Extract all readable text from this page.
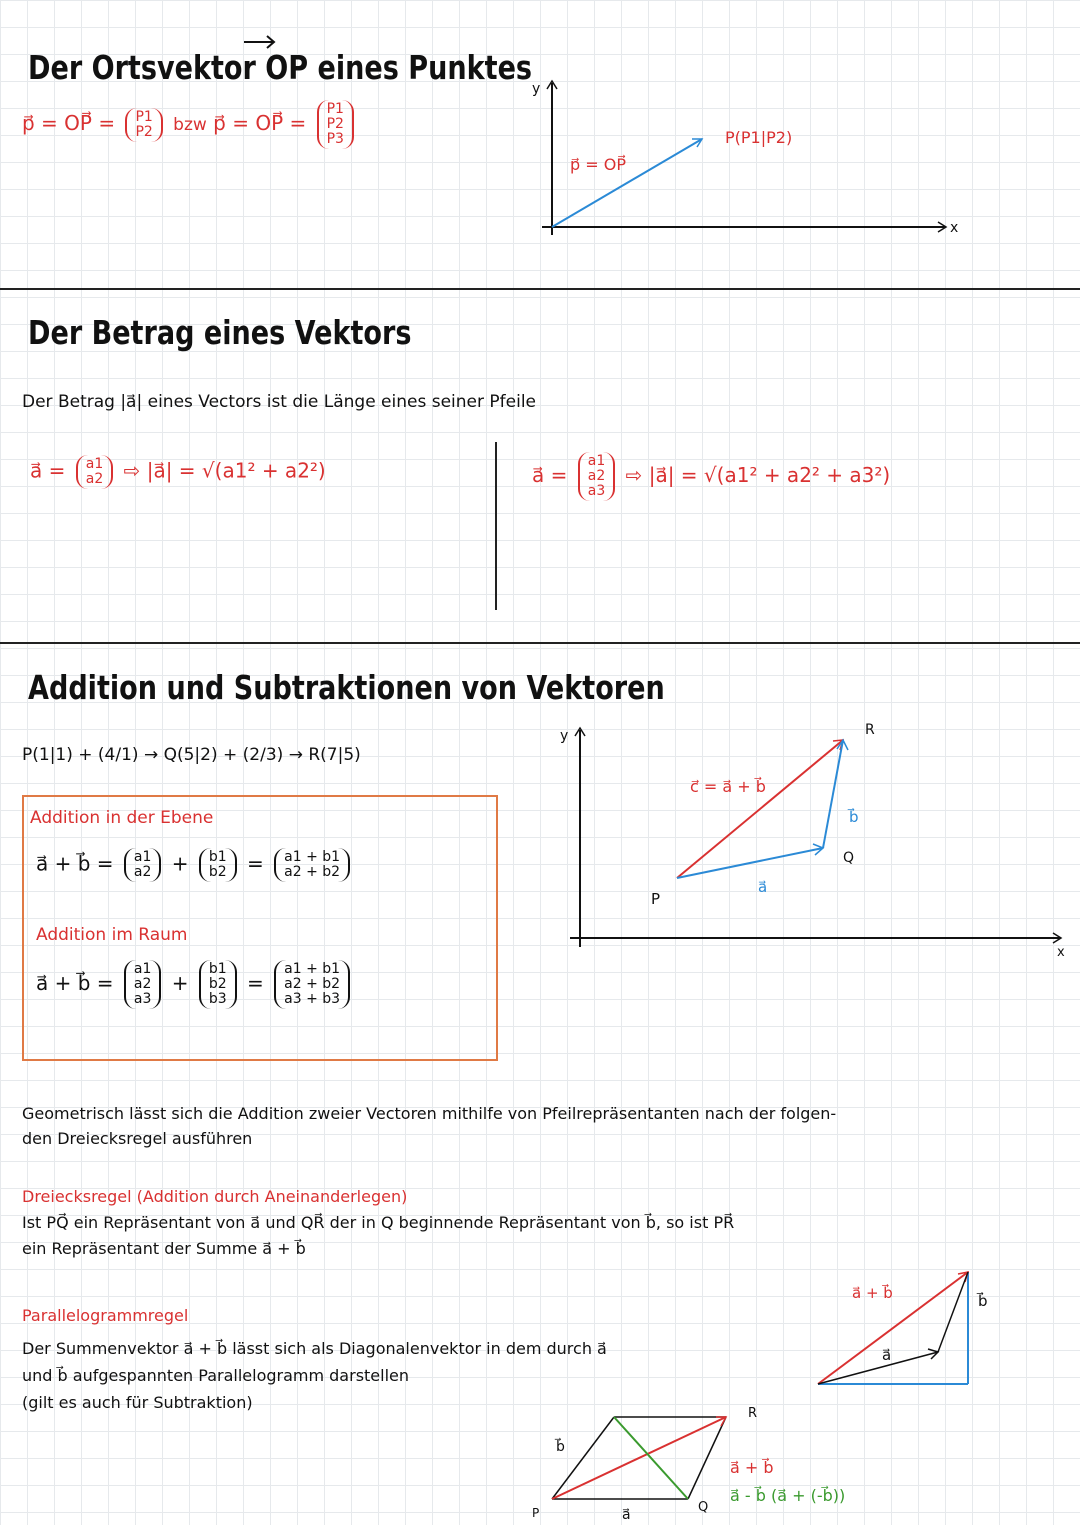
Der Ortsvektor OP eines Punktes
p⃗ = OP⃗ = P1
P2 bzw p⃗ = OP⃗ =
P1
P2
P3
y
x
p⃗ = OP⃗
P(P1|P2)
Der Betrag eines Vektors
Der Betrag |a⃗| eines Vectors ist die Länge eines seiner Pfeile
a⃗ = a1
a2 ⇨ |a⃗| = √(a1² + a2²)	a⃗ =
a1
a2
a3
⇨ |a⃗| = √(a1² + a2² + a3²)
Addition und Subtraktionen von Vektoren
P(1|1) + (4/1) → Q(5|2) + (2/3) → R(7|5)
Addition in der Ebene
a⃗ + b⃗ = a1
a2 + b1
b2 = a1 + b1
a2 + b2
Addition im Raum
a⃗ + b⃗ =
a1
a2
a3
+
b1
b2
b3
=
a1 + b1
a2 + b2
a3 + b3
y
x
c⃗ = a⃗ + b⃗
a⃗
b⃗
P
Q
R
Geometrisch lässt sich die Addition zweier Vectoren mithilfe von Pfeilrepräsentanten nach der folgen-
den Dreiecksregel ausführen
Dreiecksregel (Addition durch Aneinanderlegen)
Ist PQ⃗ ein Repräsentant von a⃗ und QR⃗ der in Q beginnende Repräsentant von b⃗, so ist PR⃗
ein Repräsentant der Summe a⃗ + b⃗
a⃗ + b⃗
a⃗
b⃗
Parallelogrammregel
Der Summenvektor a⃗ + b⃗ lässt sich als Diagonalenvektor in dem durch a⃗
und b⃗ aufgespannten Parallelogramm darstellen
(gilt es auch für Subtraktion)
R
P	Q
a⃗
b⃗
a⃗ + b⃗
a⃗ - b⃗ (a⃗ + (-b⃗))
